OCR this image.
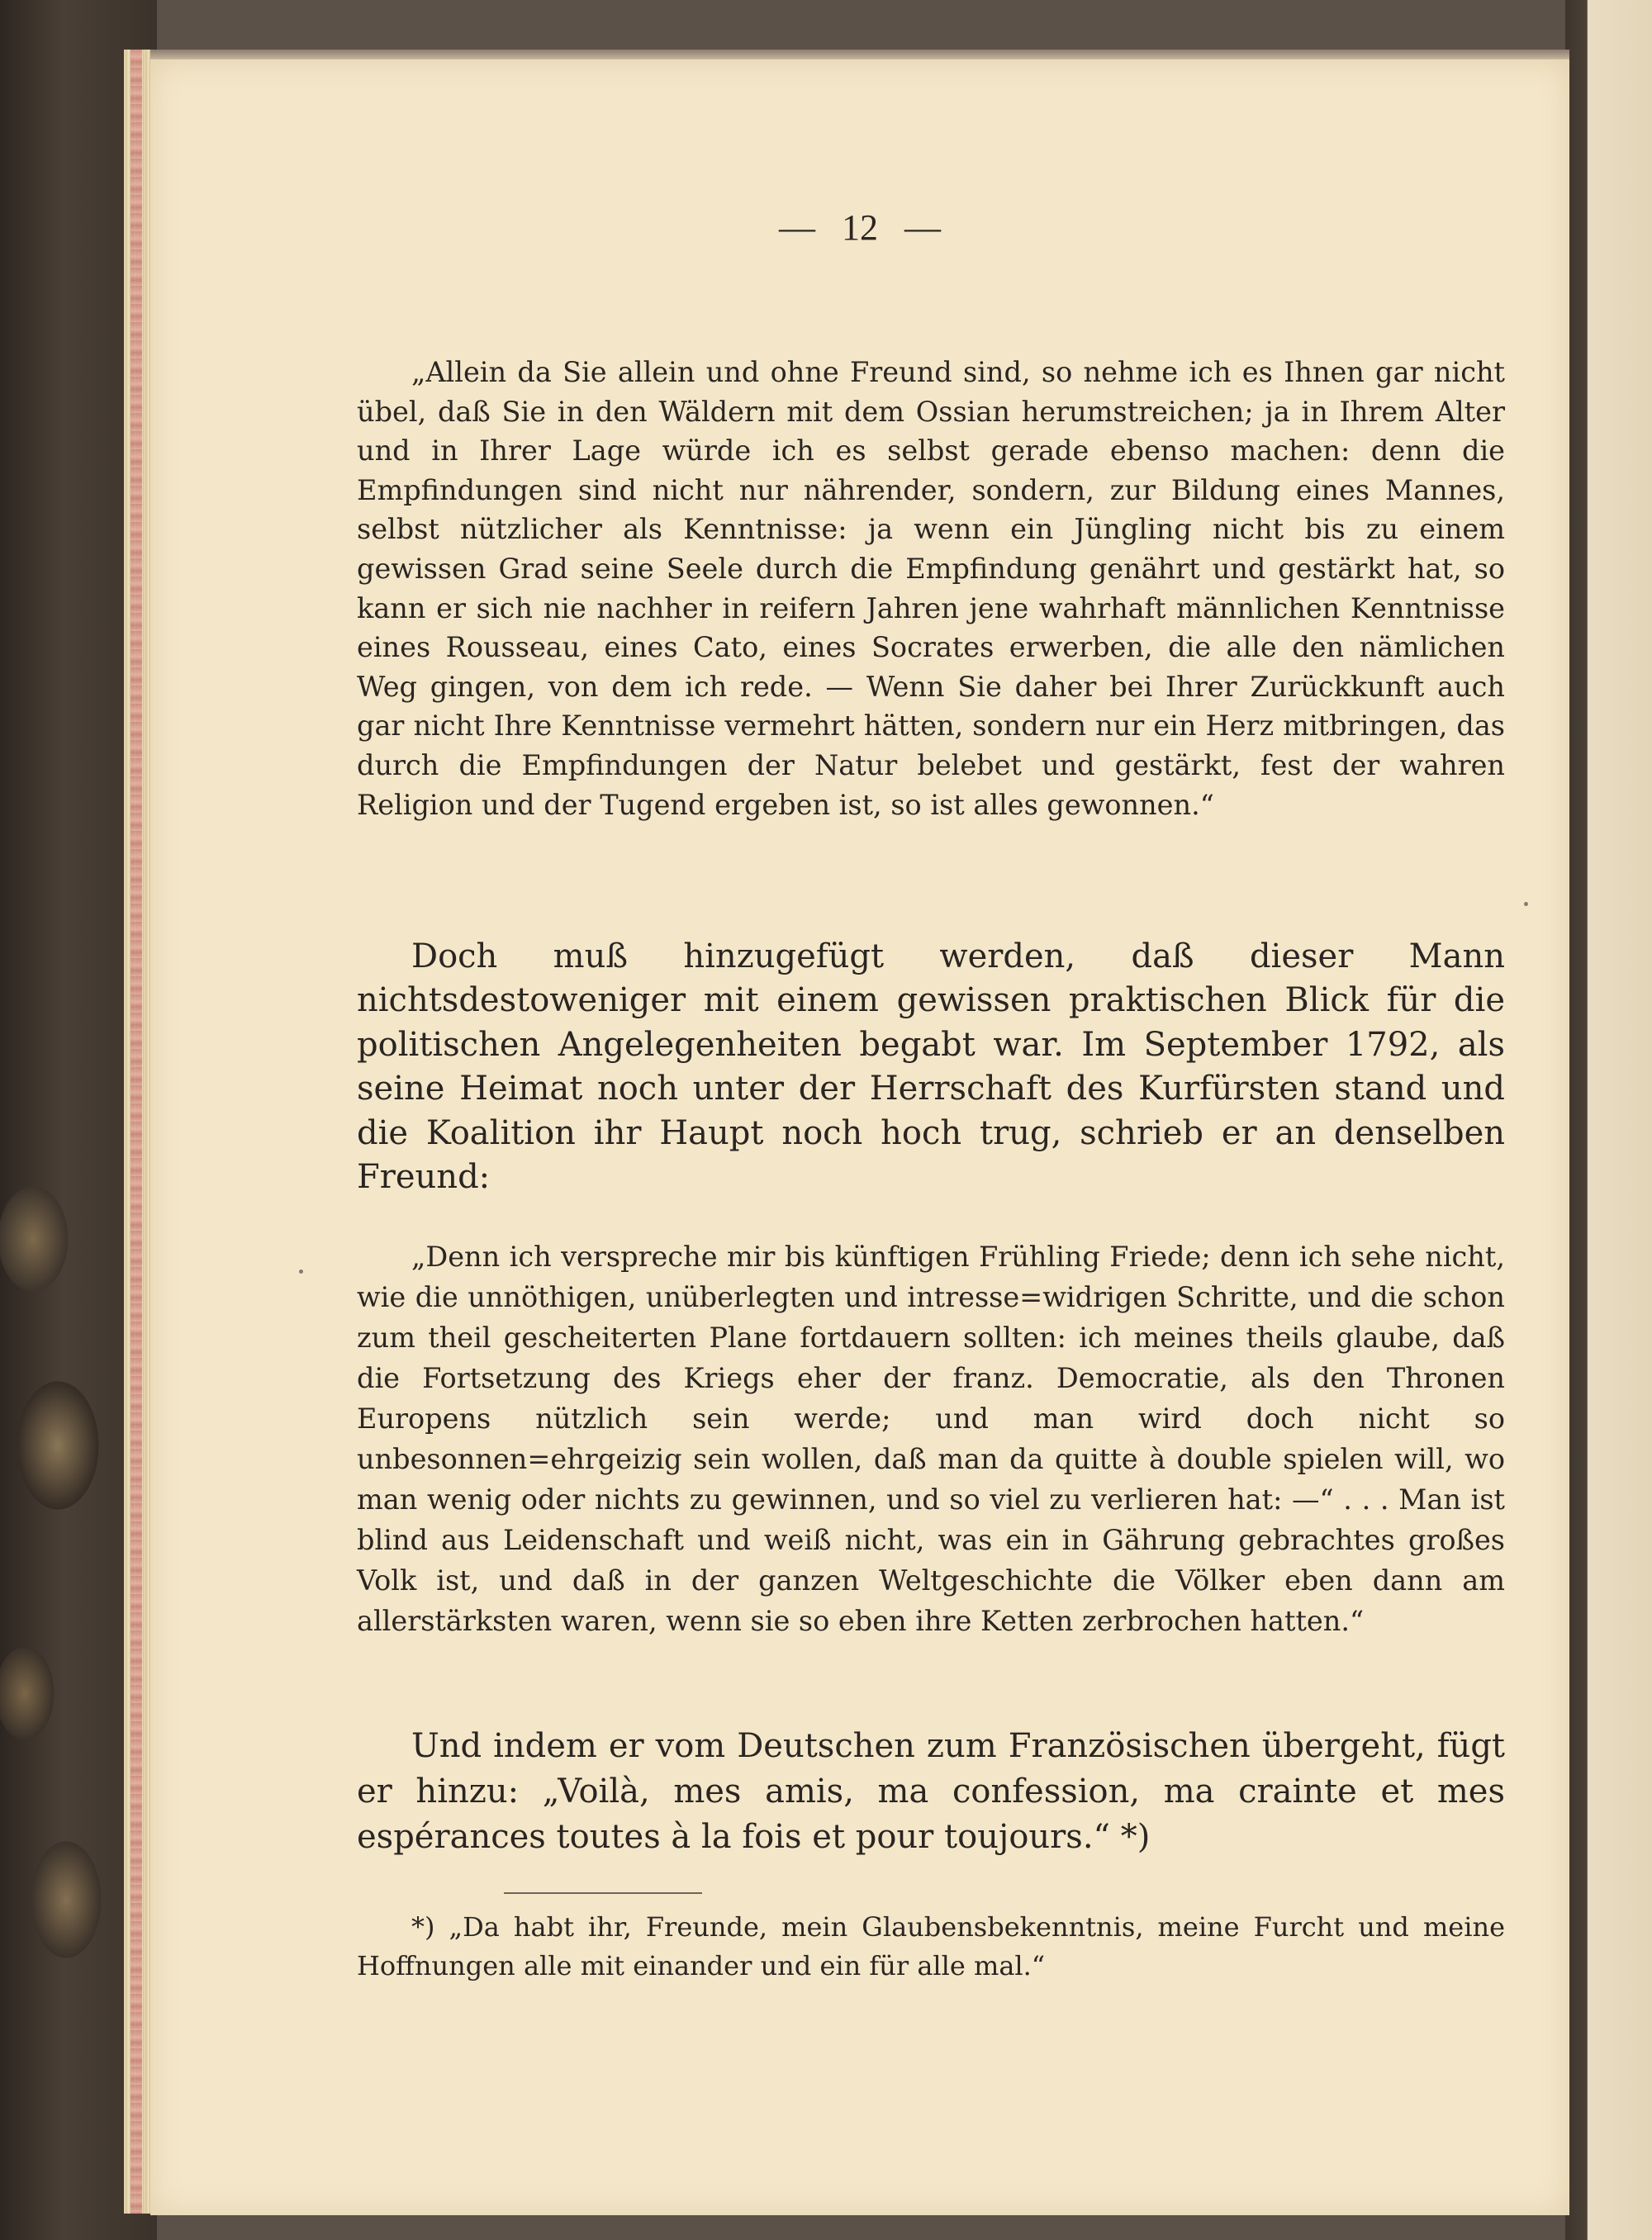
— 12 —
„Allein da Sie allein und ohne Freund sind, so nehme ich es Ihnen gar nicht übel, daß Sie in den Wäldern mit dem Ossian herumstreichen; ja in Ihrem Alter und in Ihrer Lage würde ich es selbst gerade ebenso machen: denn die Empfindungen sind nicht nur nährender, sondern, zur Bildung eines Mannes, selbst nützlicher als Kenntnisse: ja wenn ein Jüngling nicht bis zu einem gewissen Grad seine Seele durch die Empfindung genährt und gestärkt hat, so kann er sich nie nachher in reifern Jahren jene wahrhaft männlichen Kenntnisse eines Rousseau, eines Cato, eines Socrates erwerben, die alle den nämlichen Weg gingen, von dem ich rede. — Wenn Sie daher bei Ihrer Zurückkunft auch gar nicht Ihre Kenntnisse vermehrt hätten, sondern nur ein Herz mitbringen, das durch die Empfindungen der Natur belebet und gestärkt, fest der wahren Religion und der Tugend ergeben ist, so ist alles gewonnen.“
Doch muß hinzugefügt werden, daß dieser Mann nichtsdestoweniger mit einem gewissen praktischen Blick für die politischen Angelegenheiten begabt war. Im September 1792, als seine Heimat noch unter der Herrschaft des Kurfürsten stand und die Koalition ihr Haupt noch hoch trug, schrieb er an denselben Freund:
„Denn ich verspreche mir bis künftigen Frühling Friede; denn ich sehe nicht, wie die unnöthigen, unüberlegten und intresse=widrigen Schritte, und die schon zum theil gescheiterten Plane fortdauern sollten: ich meines theils glaube, daß die Fortsetzung des Kriegs eher der franz. Democratie, als den Thronen Europens nützlich sein werde; und man wird doch nicht so unbesonnen=ehrgeizig sein wollen, daß man da quitte à double spielen will, wo man wenig oder nichts zu gewinnen, und so viel zu verlieren hat: —“ . . . Man ist blind aus Leidenschaft und weiß nicht, was ein in Gährung gebrachtes großes Volk ist, und daß in der ganzen Weltgeschichte die Völker eben dann am allerstärksten waren, wenn sie so eben ihre Ketten zerbrochen hatten.“
Und indem er vom Deutschen zum Französischen übergeht, fügt er hinzu: „Voilà, mes amis, ma confession, ma crainte et mes espérances toutes à la fois et pour toujours.“ *)
*) „Da habt ihr, Freunde, mein Glaubensbekenntnis, meine Furcht und meine Hoffnungen alle mit einander und ein für alle mal.“
